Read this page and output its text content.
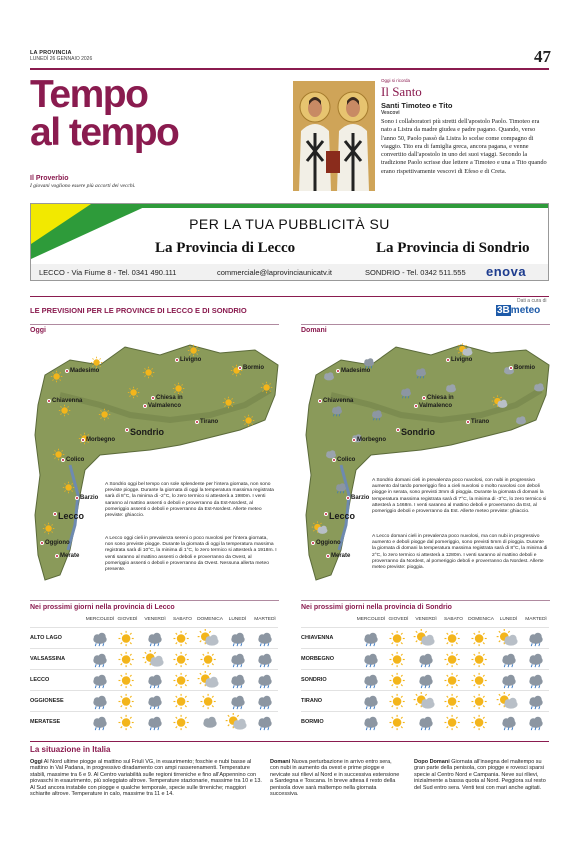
LA PROVINCIA
LUNEDÌ 26 GENNAIO 2026	47
Tempo
al tempo
Il Proverbio
I giovani vogliono essere più accorti dei vecchi.
Oggi si ricorda
Il Santo
Santi Timoteo e Tito
Vescovi
Sono i collaboratori più stretti dell'apostolo Paolo. Timoteo era nato a Listra da madre giudea e padre pagano. Quando, verso l'anno 50, Paolo passò da Listra lo scelse come compagno di viaggio. Tito era di famiglia greca, ancora pagana, e venne convertito dall'apostolo in uno dei suoi viaggi. Secondo la tradizione Paolo scrisse due lettere a Timoteo e una a Tito quando erano rispettivamente vescovi di Efeso e di Creta.
PER LA TUA PUBBLICITÀ SU
La Provincia di Lecco	La Provincia di Sondrio
LECCO - Via Fiume 8 - Tel. 0341 490.111	commerciale@laprovinciaunicatv.it	SONDRIO - Tel. 0342 511.555 enova
LE PREVISIONI PER LE PROVINCE DI LECCO E DI SONDRIO
Dati a cura di
3Bmeteo
Oggi	Domani
Madesimo
Chiavenna	Chiesa in
Valmalenco
Livigno
Bormio
Tirano
Sondrio
Morbegno
Colico
Barzio
Lecco
Oggiono
Merate
A Sondrio oggi bel tempo con sole splendente per l'intera giornata, non sono previste piogge. Durante la giornata di oggi la temperatura massima registrata sarà di 8°C, la minima di -2°C, lo zero termico si attesterà a 1980m. I venti saranno al mattino assenti o deboli e proverranno da Est-Nordest, al pomeriggio assenti o deboli e proverranno da Est-Nordest. Allerte meteo previste: ghiaccio.
A Lecco oggi cieli in prevalenza sereni o poco nuvolosi per l'intera giornata, non sono previste piogge. Durante la giornata di oggi la temperatura massima registrata sarà di 10°C, la minima di 1°C, lo zero termico si attesterà a 1918m. I venti saranno al mattino assenti o deboli e proverranno da Ovest, al pomeriggio assenti o deboli e proverranno da Ovest. Nessuna allerta meteo presente.
Madesimo
Chiavenna	Chiesa in
Valmalenco
Livigno
Bormio
Tirano
Sondrio
Morbegno
Colico
Barzio
Lecco
Oggiono
Merate
A Sondrio domani cieli in prevalenza poco nuvolosi, con nubi in progressivo aumento dal tardo pomeriggio fino a cieli nuvolosi o molto nuvolosi con deboli piogge in serata, sono previsti 3mm di pioggia. Durante la giornata di domani la temperatura massima registrata sarà di 7°C, la minima di -3°C, lo zero termico si attesterà a 1468m. I venti saranno al mattino deboli e proverranno da Est, al pomeriggio deboli e proverranno da Est. Allerte meteo previste: ghiaccio.
A Lecco domani cieli in prevalenza poco nuvolosi, ma con nubi in progressivo aumento e deboli piogge dal pomeriggio, sono previsti 5mm di pioggia. Durante la giornata di domani la temperatura massima registrata sarà di 8°C, la minima di 2°C, lo zero termico si attesterà a 1280m. I venti saranno al mattino deboli e proverranno da Nordest, al pomeriggio deboli e proverranno da Nordest. Allerte meteo previste: pioggia.
Nei prossimi giorni nella provincia di Lecco	Nei prossimi giorni nella provincia di Sondrio
MERCOLEDÌ GIOVEDÌ	VENERDÌ	SABATO	DOMENICA	LUNEDÌ	MARTEDÌ
ALTO LAGO
VALSASSINA
LECCO
OGGIONESE
MERATESE
MERCOLEDÌ GIOVEDÌ	VENERDÌ	SABATO	DOMENICA	LUNEDÌ	MARTEDÌ
CHIAVENNA
MORBEGNO
SONDRIO
TIRANO
BORMIO
La situazione in Italia
Oggi Al Nord ultime piogge al mattino sul Friuli VG, in esaurimento; foschie e nubi basse al mattino in Val Padana, in progressivo diradamento con ampi rasserenamenti. Temperature stabili, massime tra 6 e 9. Al Centro variabilità sulle regioni tirreniche e fino all'Appennino con piovaschi in esaurimento, più soleggiato altrove. Temperature stazionarie, massime tra 10 e 13. Al Sud ancora instabile con piogge e qualche temporale, specie sulle tirreniche; maggiori schiarite altrove. Temperature in calo, massime tra 11 e 14.
Domani Nuova perturbazione in arrivo entro sera, con nubi in aumento da ovest e prime piogge e nevicate sui rilievi al Nord e in successiva estensione a Sardegna e Toscana. In breve attesa il resto della penisola dove sarà maltempo nella giornata successiva.
Dopo Domani Giornata all'insegna del maltempo su gran parte della penisola, con piogge e rovesci sparsi specie al Centro Nord e Campania. Neve sui rilievi, inizialmente a bassa quota al Nord. Peggiora sul resto del Sud entro sera. Venti tesi con mari anche agitati.
